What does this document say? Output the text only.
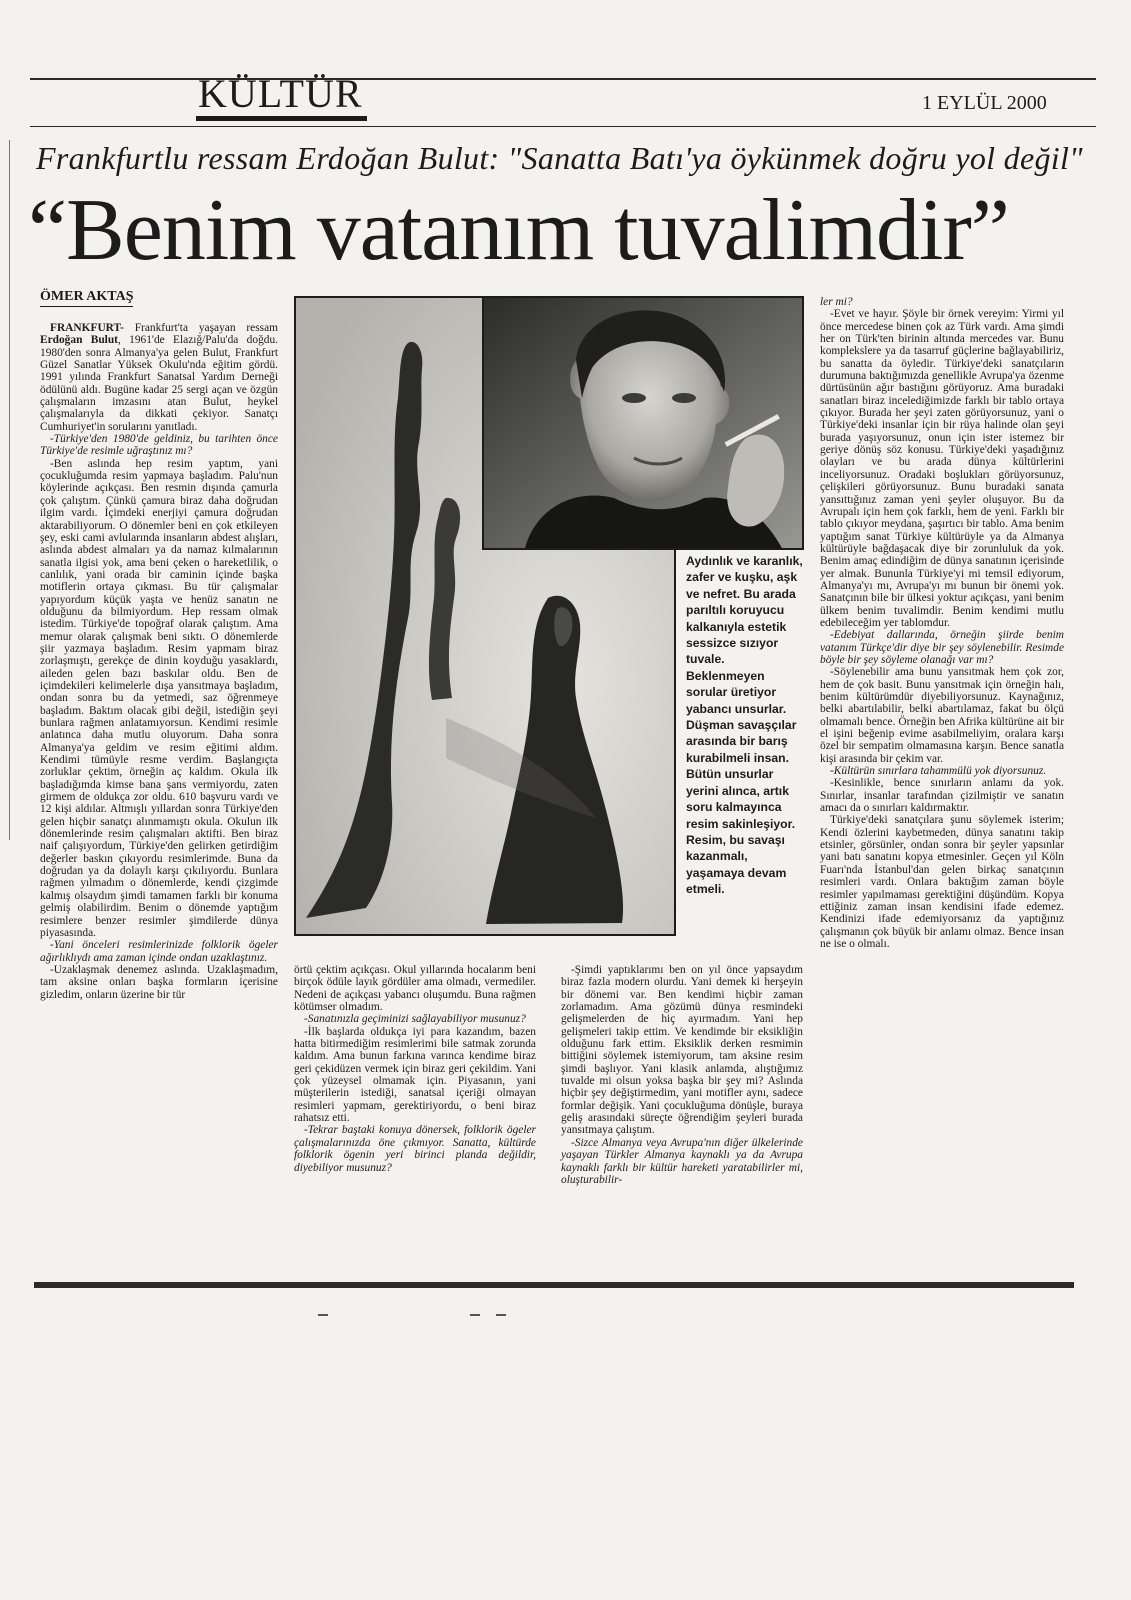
KÜLTÜR	1 EYLÜL 2000
Frankfurtlu ressam Erdoğan Bulut: "Sanatta Batı'ya öykünmek doğru yol değil"
“Benim vatanım tuvalimdir”
ÖMER AKTAŞ

FRANKFURT- Frankfurt'ta yaşayan ressam Erdoğan Bulut, 1961'de Elazığ/Palu'da doğdu. 1980'den sonra Almanya'ya gelen Bulut, Frankfurt Güzel Sanatlar Yüksek Okulu'nda eğitim gördü. 1991 yılında Frankfurt Sanatsal Yardım Derneği ödülünü aldı. Bugüne kadar 25 sergi açan ve özgün çalışmaların imzasını atan Bulut, heykel çalışmalarıyla da dikkati çekiyor. Sanatçı Cumhuriyet'in sorularını yanıtladı.

-Türkiye'den 1980'de geldiniz, bu tarihten önce Türkiye'de resimle uğraştınız mı?

-Ben aslında hep resim yaptım, yani çocukluğumda resim yapmaya başladım. Palu'nun köylerinde açıkçası. Ben resmin dışında çamurla çok çalıştım. Çünkü çamura biraz daha doğrudan ilgim vardı. İçimdeki enerjiyi çamura doğrudan aktarabiliyorum. O dönemler beni en çok etkileyen şey, eski cami avlularında insanların abdest alışları, aslında abdest almaları ya da namaz kılmalarının sanatla ilgisi yok, ama beni çeken o hareketlilik, o canlılık, yani orada bir caminin içinde başka motiflerin ortaya çıkması. Bu tür çalışmalar yapıyordum küçük yaşta ve henüz sanatın ne olduğunu da bilmiyordum. Hep ressam olmak istedim. Türkiye'de topoğraf olarak çalıştım. Ama memur olarak çalışmak beni sıktı. O dönemlerde şiir yazmaya başladım. Resim yapmam biraz zorlaşmıştı, gerekçe de dinin koyduğu yasaklardı, aileden gelen bazı baskılar oldu. Ben de içimdekileri kelimelerle dışa yansıtmaya başladım, ondan sonra bu da yetmedi, saz öğrenmeye başladım. Baktım olacak gibi değil, istediğin şeyi bunlara rağmen anlatamıyorsun. Kendimi resimle anlatınca daha mutlu oluyorum. Daha sonra Almanya'ya geldim ve resim eğitimi aldım. Kendimi tümüyle resme verdim. Başlangıçta zorluklar çektim, örneğin aç kaldım. Okula ilk başladığımda kimse bana şans vermiyordu, zaten girmem de oldukça zor oldu. 610 başvuru vardı ve 12 kişi aldılar. Altmışlı yıllardan sonra Türkiye'den gelen hiçbir sanatçı alınmamıştı okula. Okulun ilk dönemlerinde resim çalışmaları aktifti. Ben biraz naif çalışıyordum, Türkiye'den gelirken getirdiğim değerler baskın çıkıyordu resimlerimde. Buna da doğrudan ya da dolaylı karşı çıkılıyordu. Bunlara rağmen yılmadım o dönemlerde, kendi çizgimde kalmış olsaydım şimdi tamamen farklı bir konuma gelmiş olabilirdim. Benim o dönemde yaptığım resimlere benzer resimler şimdilerde dünya piyasasında.

-Yani önceleri resimlerinizde folklorik ögeler ağırlıklıydı ama zaman içinde ondan uzaklaştınız.

-Uzaklaşmak denemez aslında. Uzaklaşmadım, tam aksine onları başka formların içerisine gizledim, onların üzerine bir tür

Aydınlık ve karanlık, zafer ve kuşku, aşk ve nefret. Bu arada parıltılı koruyucu kalkanıyla estetik sessizce sızıyor tuvale. Beklenmeyen sorular üretiyor yabancı unsurlar. Düşman savaşçılar arasında bir barış kurabilmeli insan. Bütün unsurlar yerini alınca, artık soru kalmayınca resim sakinleşiyor. Resim, bu savaşı kazanmalı, yaşamaya devam etmeli.

örtü çektim açıkçası. Okul yıllarında hocalarım beni birçok ödüle layık gördüler ama olmadı, vermediler. Nedeni de açıkçası yabancı oluşumdu. Buna rağmen kötümser olmadım.

-Sanatınızla geçiminizi sağlayabiliyor musunuz?

-İlk başlarda oldukça iyi para kazandım, bazen hatta bitirmediğim resimlerimi bile satmak zorunda kaldım. Ama bunun farkına varınca kendime biraz geri çekidüzen vermek için biraz geri çekildim. Yani çok yüzeysel olmamak için. Piyasanın, yani müşterilerin istediği, sanatsal içeriği olmayan resimleri yapmam, gerektiriyordu, o beni biraz rahatsız etti.

-Tekrar baştaki konuya dönersek, folklorik ögeler çalışmalarınızda öne çıkmıyor. Sanatta, kültürde folklorik ögenin yeri birinci planda değildir, diyebiliyor musunuz?

-Şimdi yaptıklarımı ben on yıl önce yapsaydım biraz fazla modern olurdu. Yani demek ki herşeyin bir dönemi var. Ben kendimi hiçbir zaman zorlamadım. Ama gözümü dünya resmindeki gelişmelerden de hiç ayırmadım. Yani hep gelişmeleri takip ettim. Ve kendimde bir eksikliğin olduğunu fark ettim. Eksiklik derken resmimin bittiğini söylemek istemiyorum, tam aksine resim şimdi başlıyor. Yani klasik anlamda, alıştığımız tuvalde mi olsun yoksa başka bir şey mi? Aslında hiçbir şey değiştirmedim, yani motifler aynı, sadece formlar değişik. Yani çocukluğuma dönüşle, buraya geliş arasındaki süreçte öğrendiğim şeyleri burada yansıtmaya çalıştım.

-Sizce Almanya veya Avrupa'nın diğer ülkelerinde yaşayan Türkler Almanya kaynaklı ya da Avrupa kaynaklı farklı bir kültür hareketi yaratabilirler mi, oluşturabilir-

ler mi?

-Evet ve hayır. Şöyle bir örnek vereyim: Yirmi yıl önce mercedese binen çok az Türk vardı. Ama şimdi her on Türk'ten birinin altında mercedes var. Bunu komplekslere ya da tasarruf güçlerine bağlayabiliriz, bu sanatta da öyledir. Türkiye'deki sanatçıların durumuna baktığımızda genellikle Avrupa'ya özenme dürtüsünün ağır bastığını görüyoruz. Ama buradaki sanatları biraz incelediğimizde farklı bir tablo ortaya çıkıyor. Burada her şeyi zaten görüyorsunuz, yani o Türkiye'deki insanlar için bir rüya halinde olan şeyi burada yaşıyorsunuz, onun için ister istemez bir geriye dönüş söz konusu. Türkiye'deki yaşadığınız olayları ve bu arada dünya kültürlerini inceliyorsunuz. Oradaki boşlukları görüyorsunuz, çelişkileri görüyorsunuz. Bunu buradaki sanata yansıttığınız zaman yeni şeyler oluşuyor. Bu da Avrupalı için hem çok farklı, hem de yeni. Farklı bir tablo çıkıyor meydana, şaşırtıcı bir tablo. Ama benim yaptığım sanat Türkiye kültürüyle ya da Almanya kültürüyle bağdaşacak diye bir zorunluluk da yok. Benim amaç edindiğim de dünya sanatının içerisinde yer almak. Bununla Türkiye'yi mi temsil ediyorum, Almanya'yı mı, Avrupa'yı mı bunun bir önemi yok. Sanatçının bile bir ülkesi yoktur açıkçası, yani benim ülkem benim tuvalimdir. Benim kendimi mutlu edebileceğim yer tablomdur.

-Edebiyat dallarında, örneğin şiirde benim vatanım Türkçe'dir diye bir şey söylenebilir. Resimde böyle bir şey söyleme olanağı var mı?

-Söylenebilir ama bunu yansıtmak hem çok zor, hem de çok basit. Bunu yansıtmak için örneğin halı, benim kültürümdür diyebiliyorsunuz. Kaynağınız, belki abartılabilir, belki abartılamaz, fakat bu ölçü olmamalı bence. Örneğin ben Afrika kültürüne ait bir el işini beğenip evime asabilmeliyim, oralara karşı özel bir sempatim olmamasına karşın. Bence sanatla kişi arasında bir çekim var.

-Kültürün sınırlara tahammülü yok diyorsunuz.

-Kesinlikle, bence sınırların anlamı da yok. Sınırlar, insanlar tarafından çizilmiştir ve sanatın amacı da o sınırları kaldırmaktır.

Türkiye'deki sanatçılara şunu söylemek isterim; Kendi özlerini kaybetmeden, dünya sanatını takip etsinler, görsünler, ondan sonra bir şeyler yapsınlar yani batı sanatını kopya etmesinler. Geçen yıl Köln Fuarı'nda İstanbul'dan gelen birkaç sanatçının resimleri vardı. Onlara baktığım zaman böyle resimler yapılmaması gerektiğini düşündüm. Kopya ettiğiniz zaman insan kendisini ifade edemez. Kendinizi ifade edemiyorsanız da yaptığınız çalışmanın çok büyük bir anlamı olmaz. Bence insan ne ise o olmalı.
